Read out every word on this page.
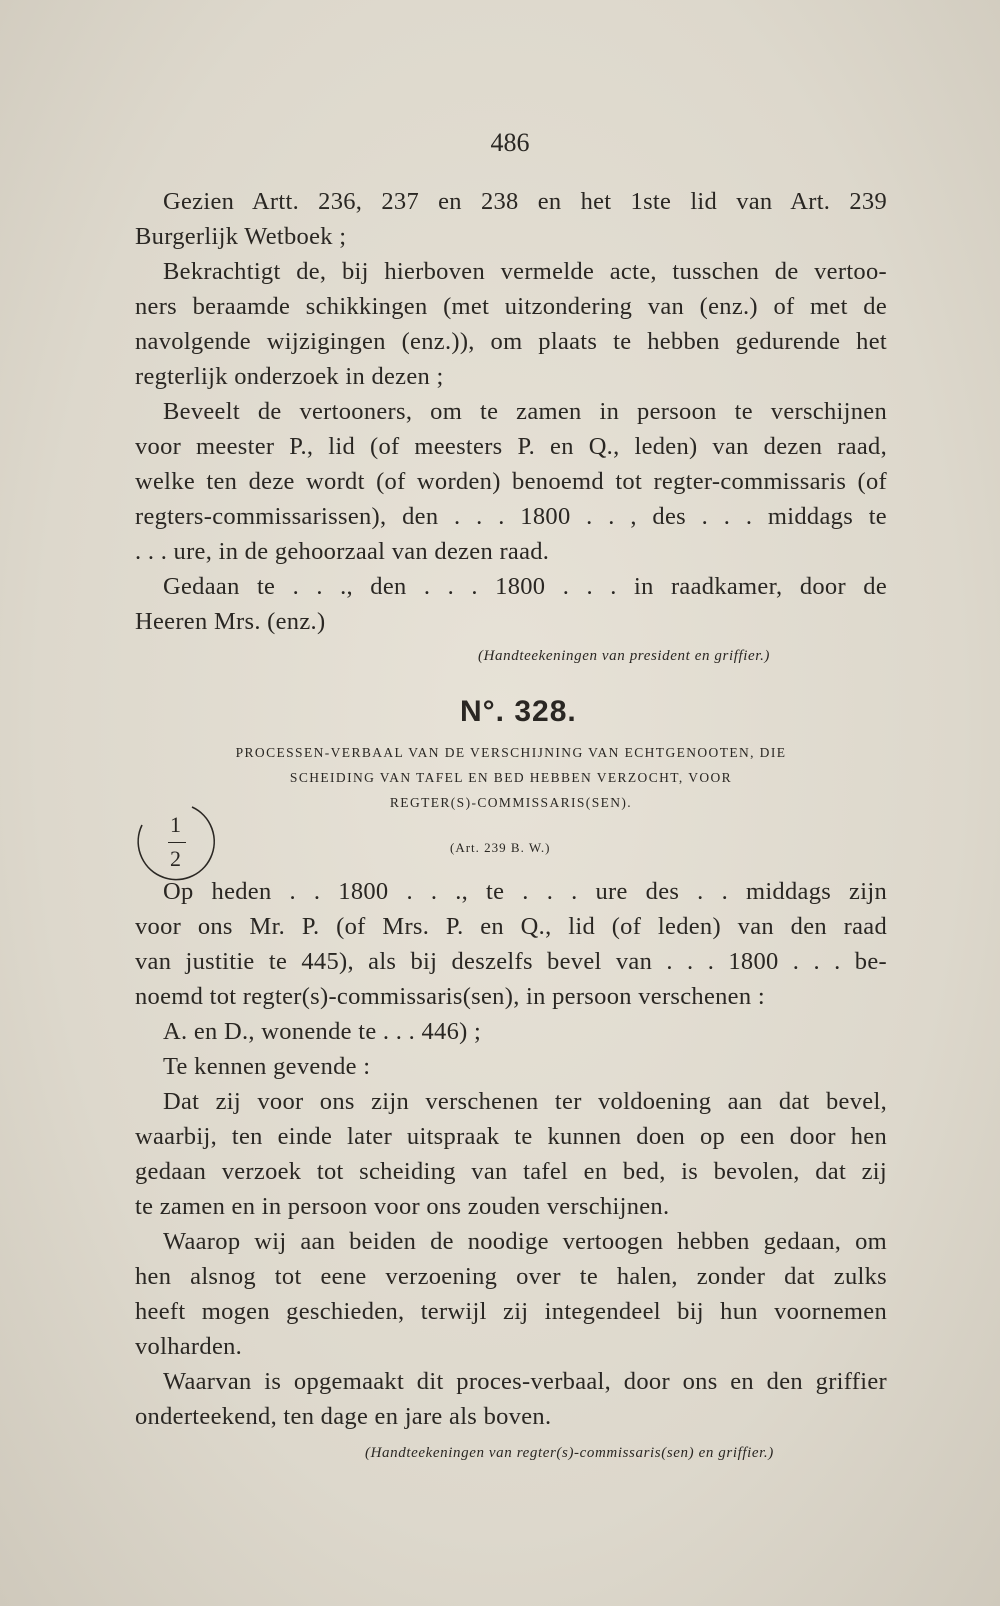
486
Gezien Artt. 236, 237 en 238 en het 1ste lid van Art. 239
Burgerlijk Wetboek ;
Bekrachtigt de, bij hierboven vermelde acte, tusschen de vertoo-
ners beraamde schikkingen (met uitzondering van (enz.) of met de
navolgende wijzigingen (enz.)), om plaats te hebben gedurende het
regterlijk onderzoek in dezen ;
Beveelt de vertooners, om te zamen in persoon te verschijnen
voor meester P., lid (of meesters P. en Q., leden) van dezen raad,
welke ten deze wordt (of worden) benoemd tot regter-commissaris (of
regters-commissarissen), den . . . 1800 . . , des . . . middags te
. . . ure, in de gehoorzaal van dezen raad.
Gedaan te . . ., den . . . 1800 . . . in raadkamer, door de
Heeren Mrs. (enz.)
(Handteekeningen van president en griffier.)
N°. 328.
PROCESSEN-VERBAAL VAN DE VERSCHIJNING VAN ECHTGENOOTEN, DIE
SCHEIDING VAN TAFEL EN BED HEBBEN VERZOCHT, VOOR
REGTER(S)-COMMISSARIS(SEN).
1
2	(Art. 239 B. W.)
Op heden . . 1800 . . ., te . . . ure des . . middags zijn
voor ons Mr. P. (of Mrs. P. en Q., lid (of leden) van den raad
van justitie te 445), als bij deszelfs bevel van . . . 1800 . . . be-
noemd tot regter(s)-commissaris(sen), in persoon verschenen :
A. en D., wonende te . . . 446) ;
Te kennen gevende :
Dat zij voor ons zijn verschenen ter voldoening aan dat bevel,
waarbij, ten einde later uitspraak te kunnen doen op een door hen
gedaan verzoek tot scheiding van tafel en bed, is bevolen, dat zij
te zamen en in persoon voor ons zouden verschijnen.
Waarop wij aan beiden de noodige vertoogen hebben gedaan, om
hen alsnog tot eene verzoening over te halen, zonder dat zulks
heeft mogen geschieden, terwijl zij integendeel bij hun voornemen
volharden.
Waarvan is opgemaakt dit proces-verbaal, door ons en den griffier
onderteekend, ten dage en jare als boven.
(Handteekeningen van regter(s)-commissaris(sen) en griffier.)
